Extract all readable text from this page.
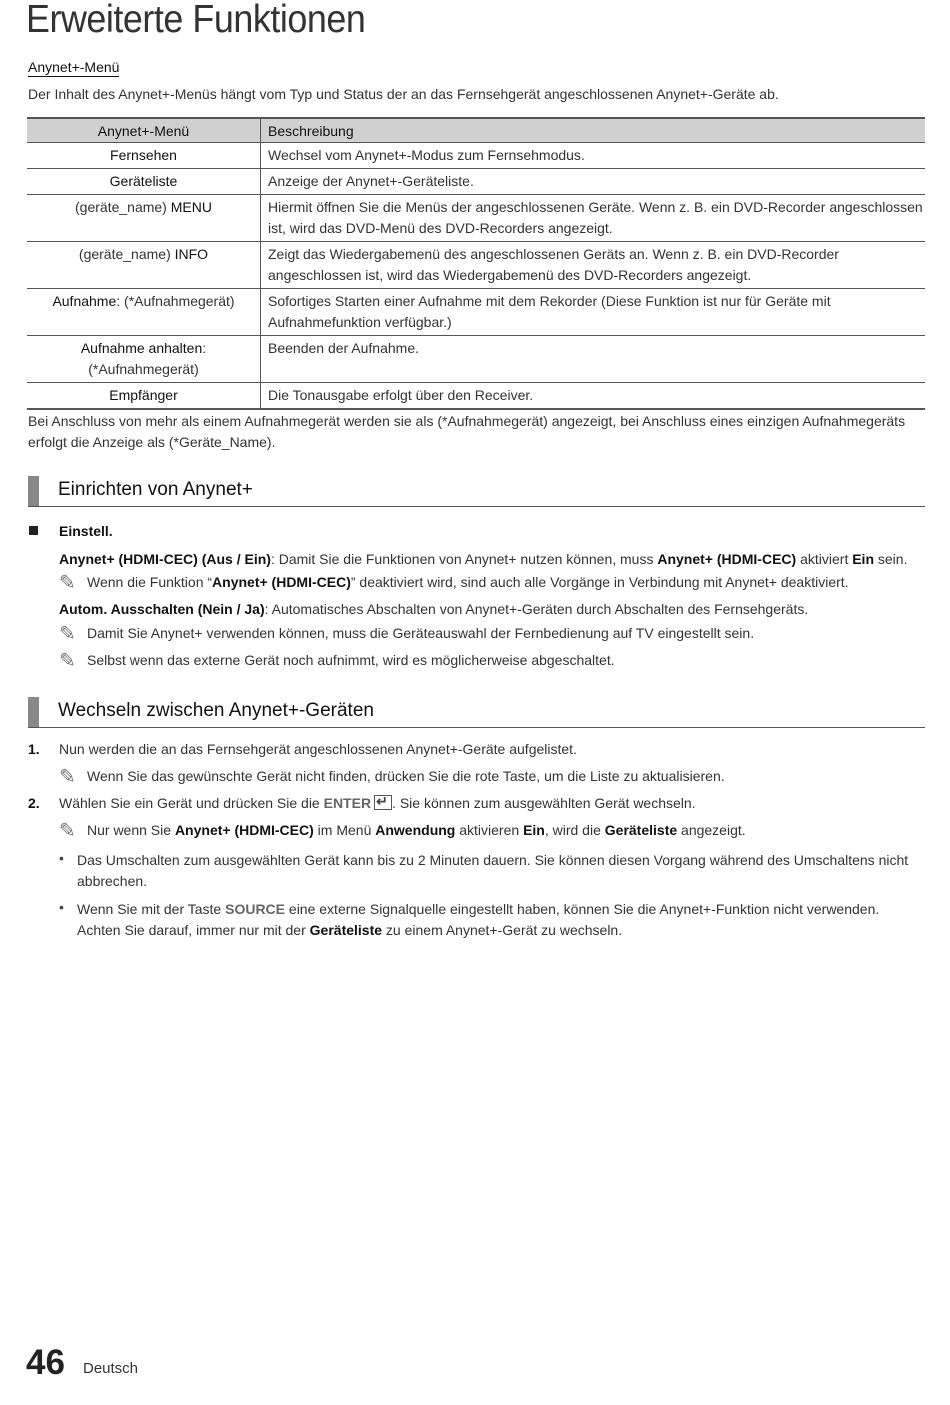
Erweiterte Funktionen
Anynet+-Menü
Der Inhalt des Anynet+-Menüs hängt vom Typ und Status der an das Fernsehgerät angeschlossenen Anynet+-Geräte ab.
Anynet+-Menü	Beschreibung
Fernsehen	Wechsel vom Anynet+-Modus zum Fernsehmodus.
Geräteliste	Anzeige der Anynet+-Geräteliste.
(geräte_name) MENU	Hiermit öffnen Sie die Menüs der angeschlossenen Geräte. Wenn z. B. ein DVD-Recorder angeschlossen ist, wird das DVD-Menü des DVD-Recorders angezeigt.
(geräte_name) INFO	Zeigt das Wiedergabemenü des angeschlossenen Geräts an. Wenn z. B. ein DVD-Recorder angeschlossen ist, wird das Wiedergabemenü des DVD-Recorders angezeigt.
Aufnahme: (*Aufnahmegerät)	Sofortiges Starten einer Aufnahme mit dem Rekorder (Diese Funktion ist nur für Geräte mit Aufnahmefunktion verfügbar.)
Aufnahme anhalten:
(*Aufnahmegerät)	Beenden der Aufnahme.
Empfänger	Die Tonausgabe erfolgt über den Receiver.
Bei Anschluss von mehr als einem Aufnahmegerät werden sie als (*Aufnahmegerät) angezeigt, bei Anschluss eines einzigen Aufnahmegeräts erfolgt die Anzeige als (*Geräte_Name).
Einrichten von Anynet+
Einstell.
Anynet+ (HDMI-CEC) (Aus / Ein): Damit Sie die Funktionen von Anynet+ nutzen können, muss Anynet+ (HDMI-CEC) aktiviert Ein sein.
✎ Wenn die Funktion “Anynet+ (HDMI-CEC)” deaktiviert wird, sind auch alle Vorgänge in Verbindung mit Anynet+ deaktiviert.
Autom. Ausschalten (Nein / Ja): Automatisches Abschalten von Anynet+-Geräten durch Abschalten des Fernsehgeräts.
✎ Damit Sie Anynet+ verwenden können, muss die Geräteauswahl der Fernbedienung auf TV eingestellt sein.
✎ Selbst wenn das externe Gerät noch aufnimmt, wird es möglicherweise abgeschaltet.
Wechseln zwischen Anynet+-Geräten
1. Nun werden die an das Fernsehgerät angeschlossenen Anynet+-Geräte aufgelistet.
✎ Wenn Sie das gewünschte Gerät nicht finden, drücken Sie die rote Taste, um die Liste zu aktualisieren.
2. Wählen Sie ein Gerät und drücken Sie die ENTER ↵ . Sie können zum ausgewählten Gerät wechseln.
✎ Nur wenn Sie Anynet+ (HDMI-CEC) im Menü Anwendung aktivieren Ein, wird die Geräteliste angezeigt.
• Das Umschalten zum ausgewählten Gerät kann bis zu 2 Minuten dauern. Sie können diesen Vorgang während des Umschaltens nicht abbrechen.
• Wenn Sie mit der Taste SOURCE eine externe Signalquelle eingestellt haben, können Sie die Anynet+-Funktion nicht verwenden. Achten Sie darauf, immer nur mit der Geräteliste zu einem Anynet+-Gerät zu wechseln.
46 Deutsch
